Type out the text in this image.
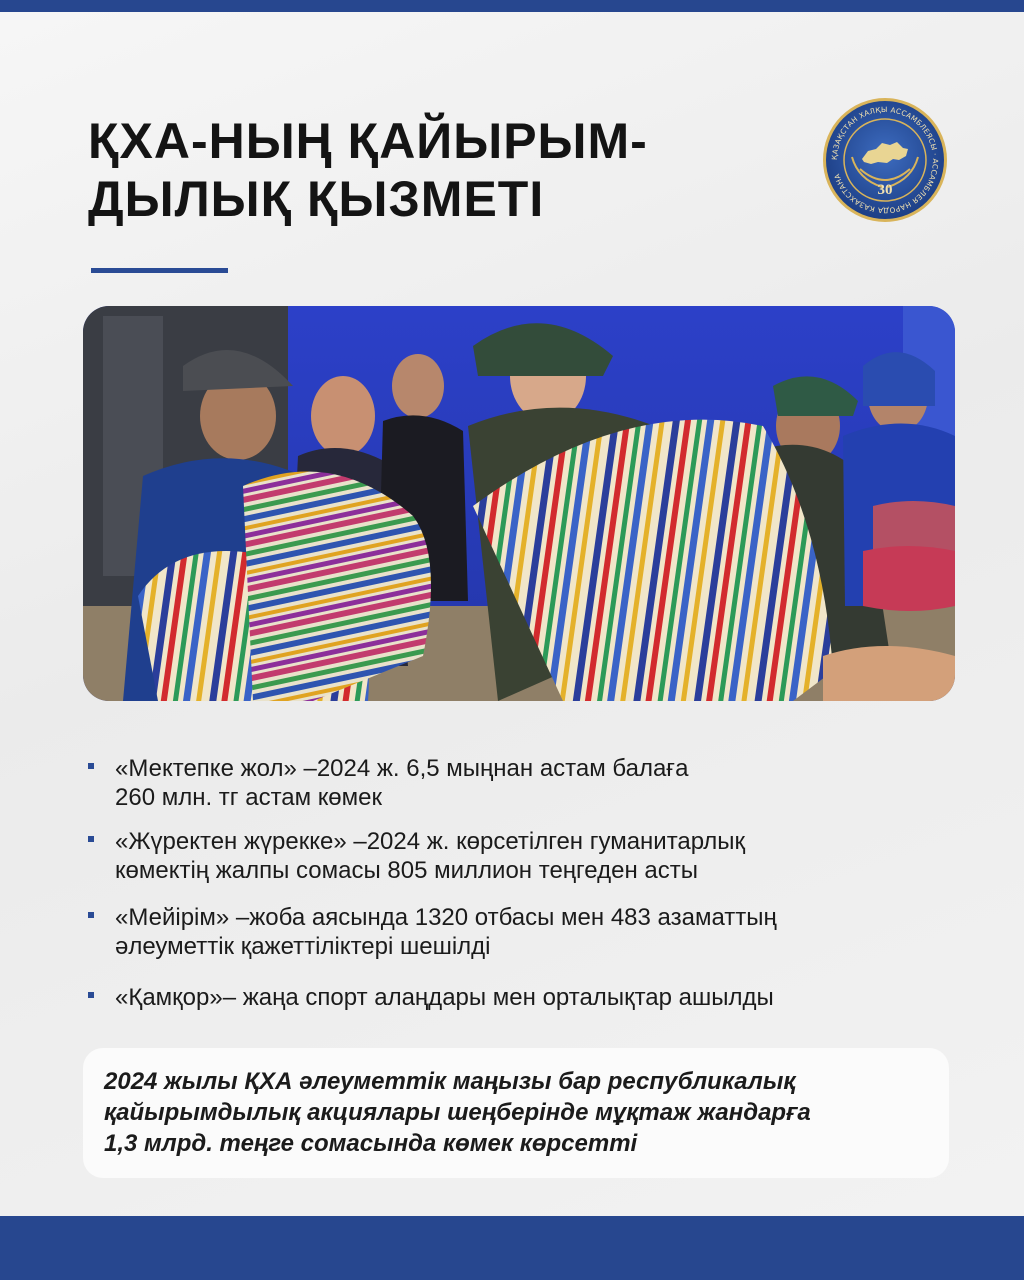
ҚХА-НЫҢ ҚАЙЫРЫМ-
ДЫЛЫҚ ҚЫЗМЕТІ
ҚАЗАҚСТАН ХАЛҚЫ АССАМБЛЕЯСЫ · АССАМБЛЕЯ НАРОДА КАЗАХСТАНА
30
«Мектепке жол» –2024 ж. 6,5 мыңнан астам балаға
260 млн. тг астам көмек
«Жүректен жүрекке» –2024 ж. көрсетілген гуманитарлық
көмектің жалпы сомасы 805 миллион теңгеден асты
«Мейірім» –жоба аясында 1320 отбасы мен 483 азаматтың
әлеуметтік қажеттіліктері шешілді
«Қамқор»– жаңа спорт алаңдары мен орталықтар ашылды

2024 жылы ҚХА әлеуметтік маңызы бар республикалық

қайырымдылық акциялары шеңберінде мұқтаж жандарға

1,3 млрд. теңге сомасында көмек көрсетті
